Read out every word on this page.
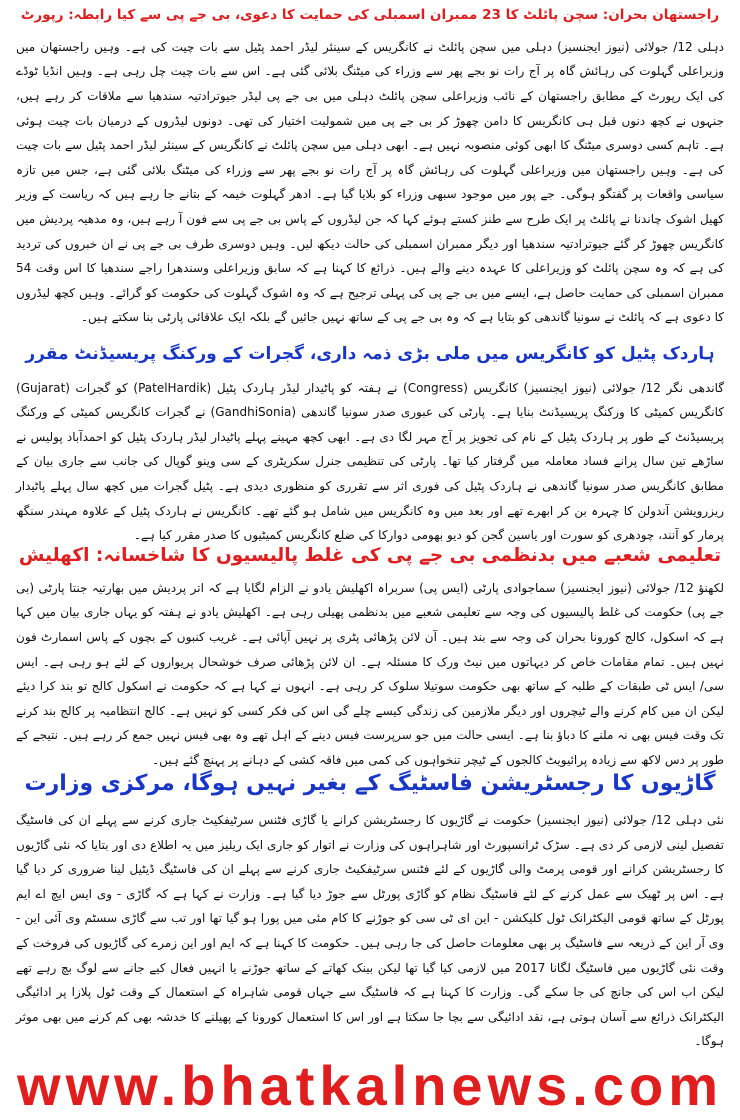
راجستھان بحران: سچن پائلٹ کا 23 ممبران اسمبلی کی حمایت کا دعوی، بی جے پی سے کیا رابطہ: رپورٹ

دہلی 12/ جولائی (نیوز ایجنسیز) دہلی میں سچن پائلٹ نے کانگریس کے سینئر لیڈر احمد پٹیل سے بات چیت کی ہے۔ وہیں راجستھان میں وزیراعلی گہلوت کی رہائش گاہ پر آج رات نو بجے پھر سے وزراء کی میٹنگ بلائی گئی ہے۔ اس سے بات چیت چل رہی ہے۔ وہیں انڈیا ٹوڈے کی ایک رپورٹ کے مطابق راجستھان کے نائب وزیراعلی سچن پائلٹ دہلی میں بی جے پی لیڈر جیوترادتیہ سندھیا سے ملاقات کر رہے ہیں، جنہوں نے کچھ دنوں قبل ہی کانگریس کا دامن چھوڑ کر بی جے پی میں شمولیت اختیار کی تھی۔ دونوں لیڈروں کے درمیان بات چیت ہوئی ہے۔ تاہم کسی دوسری میٹنگ کا ابھی کوئی منصوبہ نہیں ہے۔ ابھی دہلی میں سچن پائلٹ نے کانگریس کے سینئر لیڈر احمد پٹیل سے بات چیت کی ہے۔ وہیں راجستھان میں وزیراعلی گہلوت کی رہائش گاہ پر آج رات نو بجے پھر سے وزراء کی میٹنگ بلائی گئی ہے، جس میں تازہ سیاسی واقعات پر گفتگو ہوگی۔ جے پور میں موجود سبھی وزراء کو بلایا گیا ہے۔ ادھر گہلوت خیمہ کے بتانے جا رہے ہیں کہ ریاست کے وزیر کھیل اشوک چاندنا نے پائلٹ پر ایک طرح سے طنز کستے ہوئے کہا کہ جن لیڈروں کے پاس بی جے پی سے فون آ رہے ہیں، وہ مدھیہ پردیش میں کانگریس چھوڑ کر گئے جیوترادتیہ سندھیا اور دیگر ممبران اسمبلی کی حالت دیکھ لیں۔ وہیں دوسری طرف بی جے پی نے ان خبروں کی تردید کی ہے کہ وہ سچن پائلٹ کو وزیراعلی کا عہدہ دینے والے ہیں۔ ذرائع کا کہنا ہے کہ سابق وزیراعلی وسندھرا راجے سندھیا کا اس وقت 54 ممبران اسمبلی کی حمایت حاصل ہے، ایسے میں بی جے پی کی پہلی ترجیح ہے کہ وہ اشوک گہلوت کی حکومت کو گرائے۔ وہیں کچھ لیڈروں کا دعوی ہے کہ پائلٹ نے سونیا گاندھی کو بتایا ہے کہ وہ بی جے پی کے ساتھ نہیں جائیں گے بلکہ ایک علاقائی پارٹی بنا سکتے ہیں۔

ہاردک پٹیل کو کانگریس میں ملی بڑی ذمہ داری، گجرات کے ورکنگ پریسیڈنٹ مقرر

گاندھی نگر 12/ جولائی (نیوز ایجنسیز) کانگریس (Congress) نے ہفتہ کو پاٹیدار لیڈر ہاردک پٹیل (PatelHardik) کو گجرات (Gujarat) کانگریس کمیٹی کا ورکنگ پریسیڈنٹ بنایا ہے۔ پارٹی کی عبوری صدر سونیا گاندھی (GandhiSonia) نے گجرات کانگریس کمیٹی کے ورکنگ پریسیڈنٹ کے طور پر ہاردک پٹیل کے نام کی تجویز پر آج مہر لگا دی ہے۔ ابھی کچھ مہینے پہلے پاٹیدار لیڈر ہاردک پٹیل کو احمدآباد پولیس نے ساڑھے تین سال پرانے فساد معاملہ میں گرفتار کیا تھا۔ پارٹی کی تنظیمی جنرل سکریٹری کے سی وینو گوپال کی جانب سے جاری بیان کے مطابق کانگریس صدر سونیا گاندھی نے ہاردک پٹیل کی فوری اثر سے تقرری کو منظوری دیدی ہے۔ پٹیل گجرات میں کچھ سال پہلے پاٹیدار ریزرویشن آندولن کا چہرہ بن کر ابھرے تھے اور بعد میں وہ کانگریس میں شامل ہو گئے تھے۔ کانگریس نے ہاردک پٹیل کے علاوہ مہندر سنگھ پرمار کو آنند، چودھری کو سورت اور یاسین گجن کو دیو بھومی دوارکا کی ضلع کانگریس کمیٹیوں کا صدر مقرر کیا ہے۔

تعلیمی شعبے میں بدنظمی بی جے پی کی غلط پالیسیوں کا شاخسانہ: اکھلیش

لکھنؤ 12/ جولائی (نیوز ایجنسیز) سماجوادی پارٹی (ایس پی) سربراہ اکھلیش یادو نے الزام لگایا ہے کہ اتر پردیش میں بھارتیہ جنتا پارٹی (بی جے پی) حکومت کی غلط پالیسیوں کی وجہ سے تعلیمی شعبے میں بدنظمی پھیلی رہی ہے۔ اکھلیش یادو نے ہفتہ کو یہاں جاری بیان میں کہا ہے کہ اسکول، کالج کورونا بحران کی وجہ سے بند ہیں۔ آن لائن پڑھائی پٹری پر نہیں آپائی ہے۔ غریب کنبوں کے بچوں کے پاس اسمارٹ فون نہیں ہیں۔ تمام مقامات خاص کر دیہاتوں میں نیٹ ورک کا مسئلہ ہے۔ ان لائن پڑھائی صرف خوشحال پریواروں کے لئے ہو رہی ہے۔ ایس سی/ ایس ٹی طبقات کے طلبہ کے ساتھ بھی حکومت سوتیلا سلوک کر رہی ہے۔ انہوں نے کہا ہے کہ حکومت نے اسکول کالج تو بند کرا دیئے لیکن ان میں کام کرنے والے ٹیچروں اور دیگر ملازمین کی زندگی کیسے چلے گی اس کی فکر کسی کو نہیں ہے۔ کالج انتظامیہ پر کالج بند کرنے تک وقت فیس بھی نہ ملنے کا دباؤ بنا ہے۔ ایسی حالت میں جو سرپرست فیس دینے کے اہل تھے وہ بھی فیس نہیں جمع کر رہے ہیں۔ نتیجے کے طور پر دس لاکھ سے زیادہ پرائیویٹ کالجوں کے ٹیچر تنخواہوں کی کمی میں فاقہ کشی کے دہانے پر پہنچ گئے ہیں۔

گاڑیوں کا رجسٹریشن فاسٹیگ کے بغیر نہیں ہوگا، مرکزی وزارت

نئی دہلی 12/ جولائی (نیوز ایجنسیز) حکومت نے گاڑیوں کا رجسٹریشن کرانے یا گاڑی فٹنس سرٹیفکیٹ جاری کرنے سے پہلے ان کی فاسٹیگ تفصیل لینی لازمی کر دی ہے۔ سڑک ٹرانسپورٹ اور شاہراہوں کی وزارت نے اتوار کو جاری ایک ریلیز میں یہ اطلاع دی اور بتایا کہ نئی گاڑیوں کا رجسٹریشن کرانے اور قومی پرمٹ والی گاڑیوں کے لئے فٹنس سرٹیفکیٹ جاری کرنے سے پہلے ان کی فاسٹیگ ڈیٹیل لینا ضروری کر دیا گیا ہے۔ اس پر ٹھیک سے عمل کرنے کے لئے فاسٹیگ نظام کو گاڑی پورٹل سے جوڑ دیا گیا ہے۔ وزارت نے کہا ہے کہ گاڑی - وی ایس ایچ اے ایم پورٹل کے ساتھ قومی الیکٹرانک ٹول کلیکشن - این ای ٹی سی کو جوڑنے کا کام مئی میں پورا ہو گیا تھا اور تب سے گاڑی سسٹم وی آئی این - وی آر این کے ذریعہ سے فاسٹیگ پر بھی معلومات حاصل کی جا رہی ہیں۔ حکومت کا کہنا ہے کہ ایم اور این زمرے کی گاڑیوں کی فروخت کے وقت نئی گاڑیوں میں فاسٹیگ لگانا 2017 میں لازمی کیا گیا تھا لیکن بینک کھاتے کے ساتھ جوڑنے یا انہیں فعال کیے جانے سے لوگ بچ رہے تھے لیکن اب اس کی جانچ کی جا سکے گی۔ وزارت کا کہنا ہے کہ فاسٹیگ سے جہاں قومی شاہراہ کے استعمال کے وقت ٹول پلازا پر ادائیگی الیکٹرانک ذرائع سے آسان ہوتی ہے، نقد ادائیگی سے بچا جا سکتا ہے اور اس کا استعمال کورونا کے پھیلنے کا خدشہ بھی کم کرنے میں بھی موثر ہوگا۔

www.bhatkalnews.com
